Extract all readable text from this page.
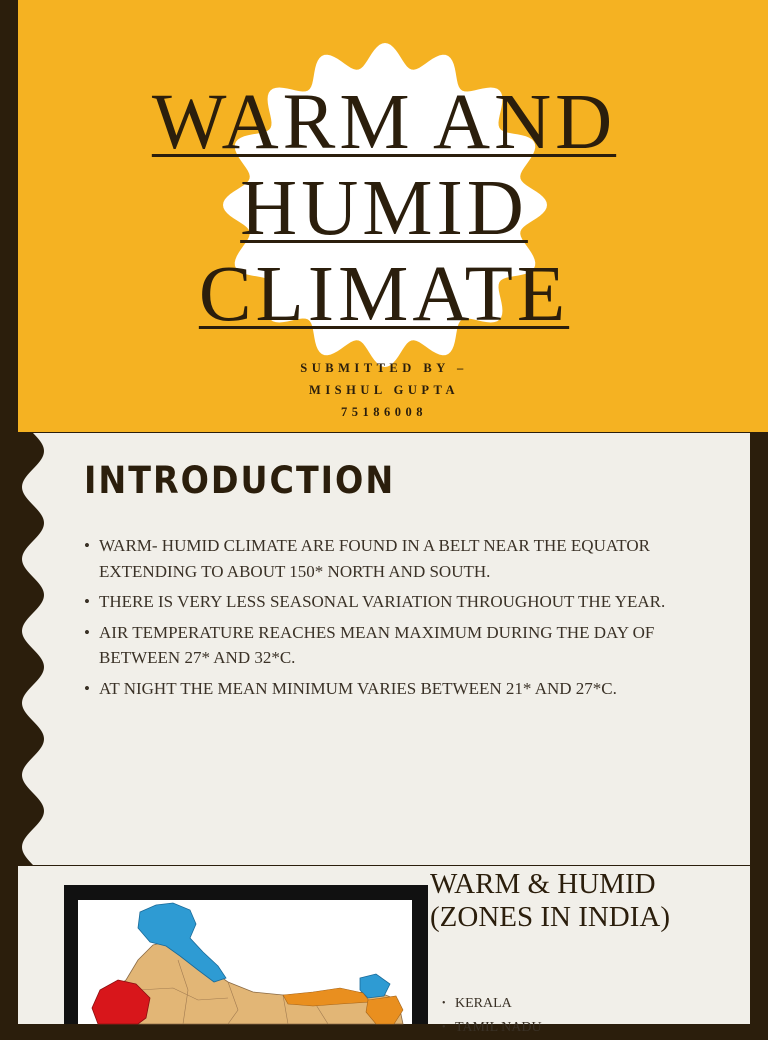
WARM AND
HUMID
CLIMATE
SUBMITTED BY –
MISHUL GUPTA
75186008
INTRODUCTION
• WARM- HUMID CLIMATE ARE FOUND IN A BELT NEAR THE EQUATOR EXTENDING TO ABOUT 150* NORTH AND SOUTH.
• THERE IS VERY LESS SEASONAL VARIATION THROUGHOUT THE YEAR.
• AIR TEMPERATURE REACHES MEAN MAXIMUM DURING THE DAY OF BETWEEN 27* AND 32*C.
• AT NIGHT THE MEAN MINIMUM VARIES BETWEEN 21* AND 27*C.
WARM & HUMID
(ZONES IN INDIA)
• KERALA
• TAMIL NADU
